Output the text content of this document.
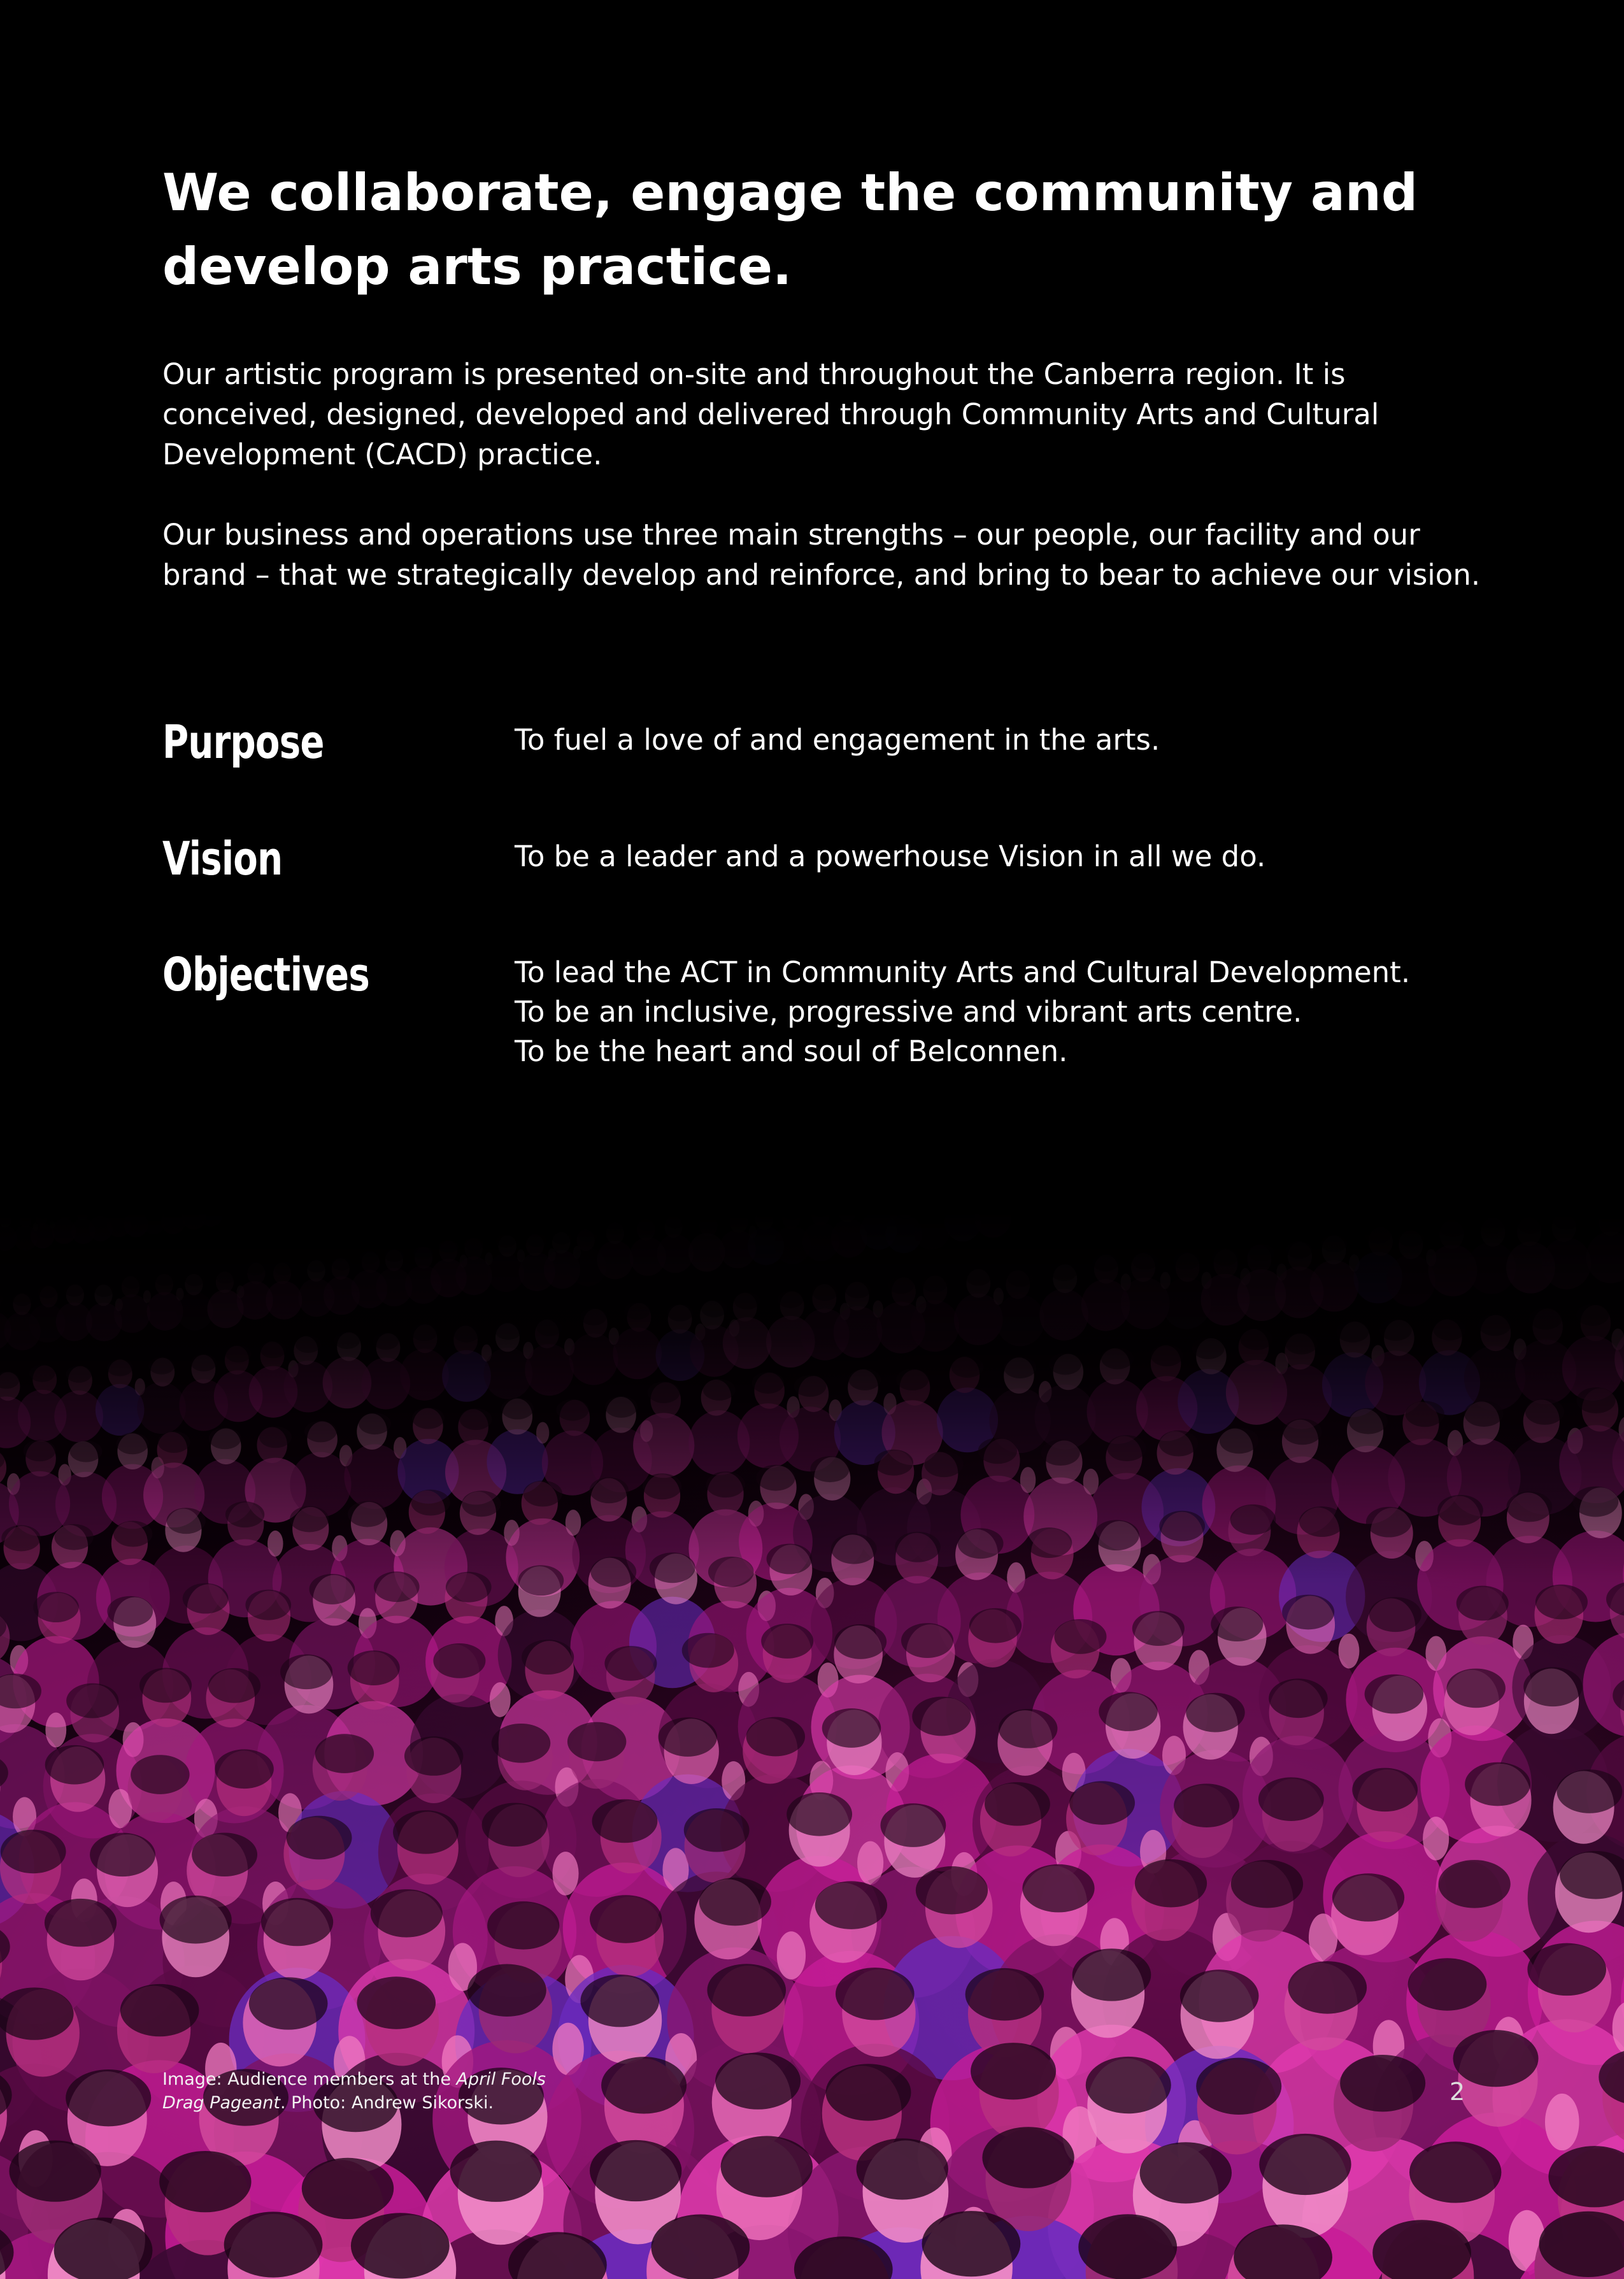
We collaborate, engage the community and
develop arts practice.

Our artistic program is presented on-site and throughout the Canberra region. It is conceived, designed, developed and delivered through Community Arts and Cultural Development (CACD) practice.

Our business and operations use three main strengths – our people, our facility and our brand – that we strategically develop and reinforce, and bring to bear to achieve our vision.

Purpose	To fuel a love of and engagement in the arts.
Vision	To be a leader and a powerhouse Vision in all we do.
Objectives	To lead the ACT in Community Arts and Cultural Development.
To be an inclusive, progressive and vibrant arts centre.
To be the heart and soul of Belconnen.
Image: Audience members at the April Fools
Drag Pageant. Photo: Andrew Sikorski.	2
